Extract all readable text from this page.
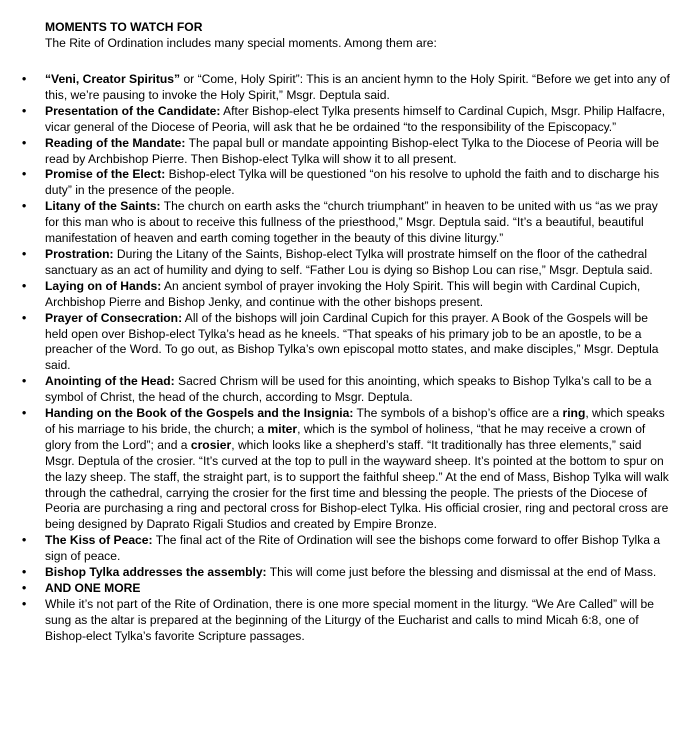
MOMENTS TO WATCH FOR
The Rite of Ordination includes many special moments. Among them are:
• “Veni, Creator Spiritus” or “Come, Holy Spirit”: This is an ancient hymn to the Holy Spirit. “Before we get into any of this, we’re pausing to invoke the Holy Spirit,” Msgr. Deptula said.
• Presentation of the Candidate: After Bishop-elect Tylka presents himself to Cardinal Cupich, Msgr. Philip Halfacre, vicar general of the Diocese of Peoria, will ask that he be ordained “to the responsibility of the Episcopacy.”
• Reading of the Mandate: The papal bull or mandate appointing Bishop-elect Tylka to the Diocese of Peoria will be read by Archbishop Pierre. Then Bishop-elect Tylka will show it to all present.
• Promise of the Elect: Bishop-elect Tylka will be questioned “on his resolve to uphold the faith and to discharge his duty” in the presence of the people.
• Litany of the Saints: The church on earth asks the “church triumphant” in heaven to be united with us “as we pray for this man who is about to receive this fullness of the priesthood,” Msgr. Deptula said. “It’s a beautiful, beautiful manifestation of heaven and earth coming together in the beauty of this divine liturgy.”
• Prostration: During the Litany of the Saints, Bishop-elect Tylka will prostrate himself on the floor of the cathedral sanctuary as an act of humility and dying to self. “Father Lou is dying so Bishop Lou can rise,” Msgr. Deptula said.
• Laying on of Hands: An ancient symbol of prayer invoking the Holy Spirit. This will begin with Cardinal Cupich, Archbishop Pierre and Bishop Jenky, and continue with the other bishops present.
• Prayer of Consecration: All of the bishops will join Cardinal Cupich for this prayer. A Book of the Gospels will be held open over Bishop-elect Tylka’s head as he kneels. “That speaks of his primary job to be an apostle, to be a preacher of the Word. To go out, as Bishop Tylka’s own episcopal motto states, and make disciples,” Msgr. Deptula said.
• Anointing of the Head: Sacred Chrism will be used for this anointing, which speaks to Bishop Tylka’s call to be a symbol of Christ, the head of the church, according to Msgr. Deptula.
• Handing on the Book of the Gospels and the Insignia: The symbols of a bishop’s office are a ring, which speaks of his marriage to his bride, the church; a miter, which is the symbol of holiness, “that he may receive a crown of glory from the Lord”; and a crosier, which looks like a shepherd’s staff. “It traditionally has three elements,” said Msgr. Deptula of the crosier. “It’s curved at the top to pull in the wayward sheep. It’s pointed at the bottom to spur on the lazy sheep. The staff, the straight part, is to support the faithful sheep.” At the end of Mass, Bishop Tylka will walk through the cathedral, carrying the crosier for the first time and blessing the people. The priests of the Diocese of Peoria are purchasing a ring and pectoral cross for Bishop-elect Tylka. His official crosier, ring and pectoral cross are being designed by Daprato Rigali Studios and created by Empire Bronze.
• The Kiss of Peace: The final act of the Rite of Ordination will see the bishops come forward to offer Bishop Tylka a sign of peace.
• Bishop Tylka addresses the assembly: This will come just before the blessing and dismissal at the end of Mass.
• AND ONE MORE
• While it’s not part of the Rite of Ordination, there is one more special moment in the liturgy. “We Are Called” will be sung as the altar is prepared at the beginning of the Liturgy of the Eucharist and calls to mind Micah 6:8, one of Bishop-elect Tylka’s favorite Scripture passages.
